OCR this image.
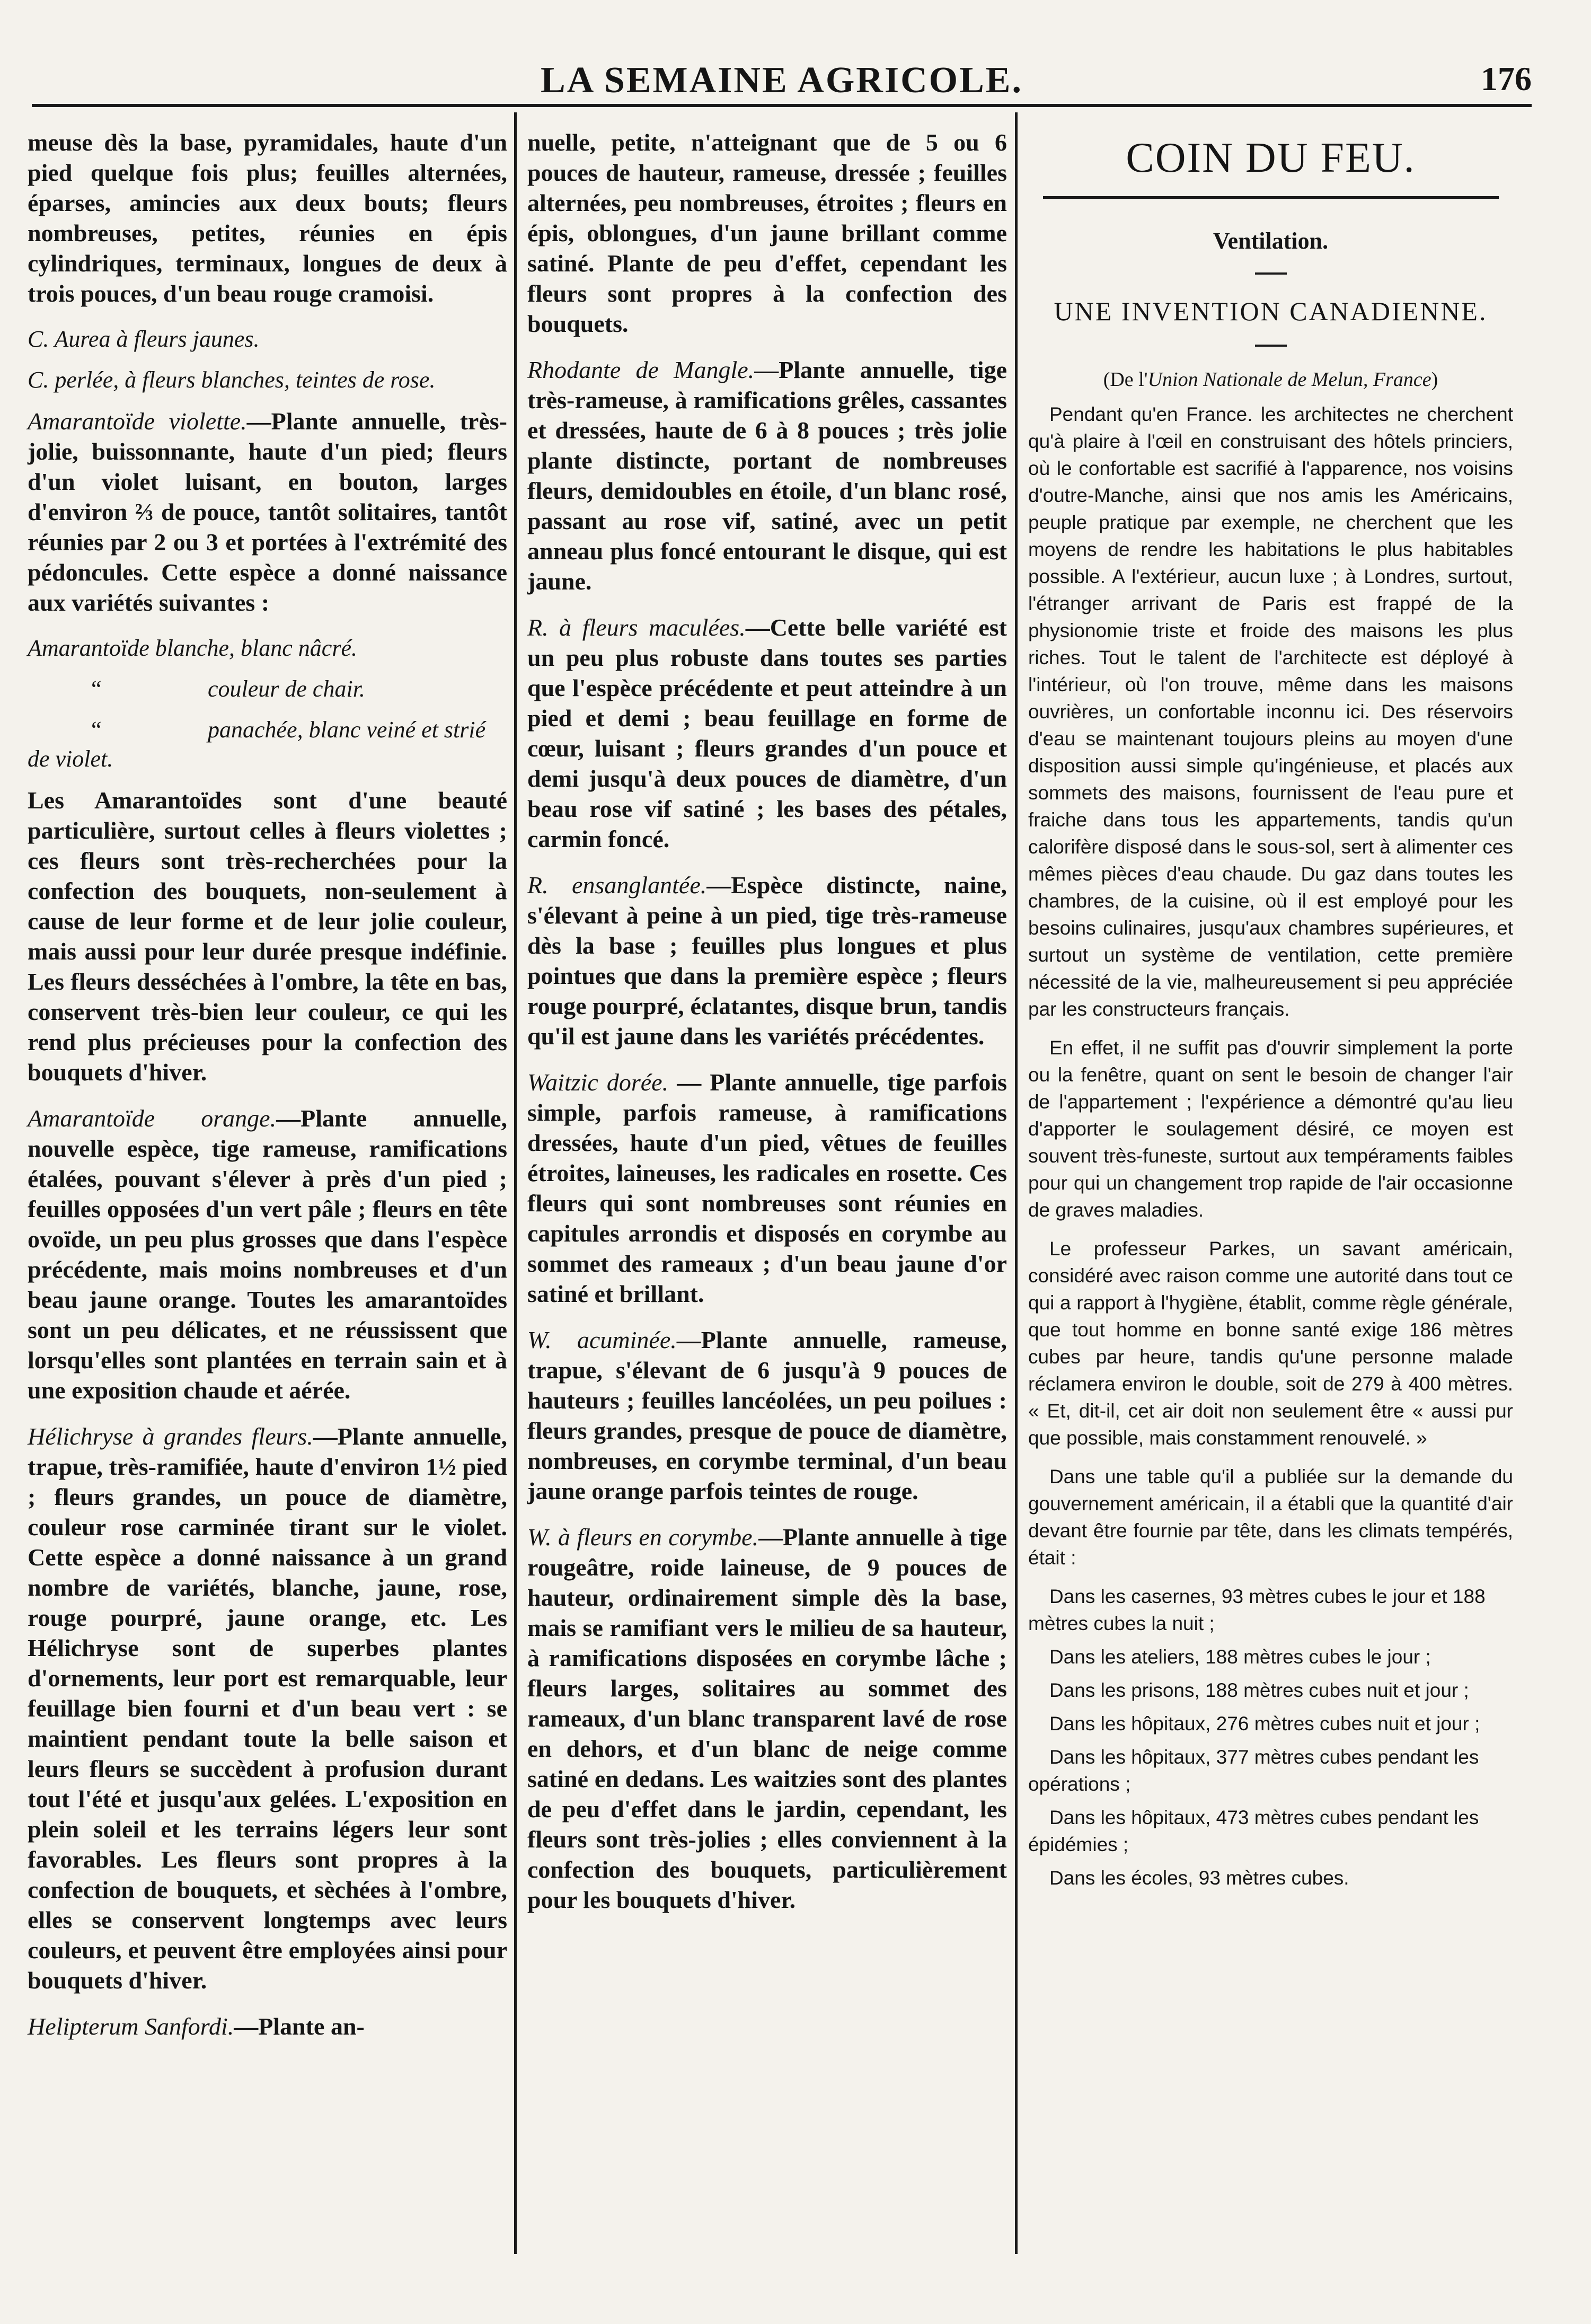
LA SEMAINE AGRICOLE.	176

meuse dès la base, pyramidales, haute d'un pied quelque fois plus; feuilles alternées, éparses, amincies aux deux bouts; fleurs nombreuses, petites, réunies en épis cylindriques, terminaux, longues de deux à trois pouces, d'un beau rouge cramoisi.

C. Aurea à fleurs jaunes.
C. perlée, à fleurs blanches, teintes de rose.

Amarantoïde violette.—Plante annuelle, très-jolie, buissonnante, haute d'un pied; fleurs d'un violet luisant, en bouton, larges d'environ ⅔ de pouce, tantôt solitaires, tantôt réunies par 2 ou 3 et portées à l'extrémité des pédoncules. Cette espèce a donné naissance aux variétés suivantes :

Amarantoïde blanche, blanc nâcré.
“	couleur de chair.
“	panachée, blanc veiné et strié de violet.

Les Amarantoïdes sont d'une beauté particulière, surtout celles à fleurs violettes ; ces fleurs sont très-recherchées pour la confection des bouquets, non-seulement à cause de leur forme et de leur jolie couleur, mais aussi pour leur durée presque indéfinie. Les fleurs desséchées à l'ombre, la tête en bas, conservent très-bien leur couleur, ce qui les rend plus précieuses pour la confection des bouquets d'hiver.

Amarantoïde orange.—Plante annuelle, nouvelle espèce, tige rameuse, ramifications étalées, pouvant s'élever à près d'un pied ; feuilles opposées d'un vert pâle ; fleurs en tête ovoïde, un peu plus grosses que dans l'espèce précédente, mais moins nombreuses et d'un beau jaune orange. Toutes les amarantoïdes sont un peu délicates, et ne réussissent que lorsqu'elles sont plantées en terrain sain et à une exposition chaude et aérée.

Hélichryse à grandes fleurs.—Plante annuelle, trapue, très-ramifiée, haute d'environ 1½ pied ; fleurs grandes, un pouce de diamètre, couleur rose carminée tirant sur le violet. Cette espèce a donné naissance à un grand nombre de variétés, blanche, jaune, rose, rouge pourpré, jaune orange, etc. Les Hélichryse sont de superbes plantes d'ornements, leur port est remarquable, leur feuillage bien fourni et d'un beau vert : se maintient pendant toute la belle saison et leurs fleurs se succèdent à profusion durant tout l'été et jusqu'aux gelées. L'exposition en plein soleil et les terrains légers leur sont favorables. Les fleurs sont propres à la confection de bouquets, et sèchées à l'ombre, elles se conservent longtemps avec leurs couleurs, et peuvent être employées ainsi pour bouquets d'hiver.

Helipterum Sanfordi.—Plante an-

nuelle, petite, n'atteignant que de 5 ou 6 pouces de hauteur, rameuse, dressée ; feuilles alternées, peu nombreuses, étroites ; fleurs en épis, oblongues, d'un jaune brillant comme satiné. Plante de peu d'effet, cependant les fleurs sont propres à la confection des bouquets.

Rhodante de Mangle.—Plante annuelle, tige très-rameuse, à ramifications grêles, cassantes et dressées, haute de 6 à 8 pouces ; très jolie plante distincte, portant de nombreuses fleurs, demidoubles en étoile, d'un blanc rosé, passant au rose vif, satiné, avec un petit anneau plus foncé entourant le disque, qui est jaune.

R. à fleurs maculées.—Cette belle variété est un peu plus robuste dans toutes ses parties que l'espèce précédente et peut atteindre à un pied et demi ; beau feuillage en forme de cœur, luisant ; fleurs grandes d'un pouce et demi jusqu'à deux pouces de diamètre, d'un beau rose vif satiné ; les bases des pétales, carmin foncé.

R. ensanglantée.—Espèce distincte, naine, s'élevant à peine à un pied, tige très-rameuse dès la base ; feuilles plus longues et plus pointues que dans la première espèce ; fleurs rouge pourpré, éclatantes, disque brun, tandis qu'il est jaune dans les variétés précédentes.

Waitzic dorée. — Plante annuelle, tige parfois simple, parfois rameuse, à ramifications dressées, haute d'un pied, vêtues de feuilles étroites, laineuses, les radicales en rosette. Ces fleurs qui sont nombreuses sont réunies en capitules arrondis et disposés en corymbe au sommet des rameaux ; d'un beau jaune d'or satiné et brillant.

W. acuminée.—Plante annuelle, rameuse, trapue, s'élevant de 6 jusqu'à 9 pouces de hauteurs ; feuilles lancéolées, un peu poilues : fleurs grandes, presque de pouce de diamètre, nombreuses, en corymbe terminal, d'un beau jaune orange parfois teintes de rouge.

W. à fleurs en corymbe.—Plante annuelle à tige rougeâtre, roide laineuse, de 9 pouces de hauteur, ordinairement simple dès la base, mais se ramifiant vers le milieu de sa hauteur, à ramifications disposées en corymbe lâche ; fleurs larges, solitaires au sommet des rameaux, d'un blanc transparent lavé de rose en dehors, et d'un blanc de neige comme satiné en dedans. Les waitzies sont des plantes de peu d'effet dans le jardin, cependant, les fleurs sont très-jolies ; elles conviennent à la confection des bouquets, particulièrement pour les bouquets d'hiver.

COIN DU FEU.
Ventilation.
UNE INVENTION CANADIENNE.
(De l'Union Nationale de Melun, France)

Pendant qu'en France. les architectes ne cherchent qu'à plaire à l'œil en construisant des hôtels princiers, où le confortable est sacrifié à l'apparence, nos voisins d'outre-Manche, ainsi que nos amis les Américains, peuple pratique par exemple, ne cherchent que les moyens de rendre les habitations le plus habitables possible. A l'extérieur, aucun luxe ; à Londres, surtout, l'étranger arrivant de Paris est frappé de la physionomie triste et froide des maisons les plus riches. Tout le talent de l'architecte est déployé à l'intérieur, où l'on trouve, même dans les maisons ouvrières, un confortable inconnu ici. Des réservoirs d'eau se maintenant toujours pleins au moyen d'une disposition aussi simple qu'ingénieuse, et placés aux sommets des maisons, fournissent de l'eau pure et fraiche dans tous les appartements, tandis qu'un calorifère disposé dans le sous-sol, sert à alimenter ces mêmes pièces d'eau chaude. Du gaz dans toutes les chambres, de la cuisine, où il est employé pour les besoins culinaires, jusqu'aux chambres supérieures, et surtout un système de ventilation, cette première nécessité de la vie, malheureusement si peu appréciée par les constructeurs français.

En effet, il ne suffit pas d'ouvrir simplement la porte ou la fenêtre, quant on sent le besoin de changer l'air de l'appartement ; l'expérience a démontré qu'au lieu d'apporter le soulagement désiré, ce moyen est souvent très-funeste, surtout aux tempéraments faibles pour qui un changement trop rapide de l'air occasionne de graves maladies.

Le professeur Parkes, un savant américain, considéré avec raison comme une autorité dans tout ce qui a rapport à l'hygiène, établit, comme règle générale, que tout homme en bonne santé exige 186 mètres cubes par heure, tandis qu'une personne malade réclamera environ le double, soit de 279 à 400 mètres. « Et, dit-il, cet air doit non seulement être « aussi pur que possible, mais constamment renouvelé. »

Dans une table qu'il a publiée sur la demande du gouvernement américain, il a établi que la quantité d'air devant être fournie par tête, dans les climats tempérés, était :

Dans les casernes, 93 mètres cubes le jour et 188 mètres cubes la nuit ;

Dans les ateliers, 188 mètres cubes le jour ;

Dans les prisons, 188 mètres cubes nuit et jour ;

Dans les hôpitaux, 276 mètres cubes nuit et jour ;

Dans les hôpitaux, 377 mètres cubes pendant les opérations ;

Dans les hôpitaux, 473 mètres cubes pendant les épidémies ;

Dans les écoles, 93 mètres cubes.
